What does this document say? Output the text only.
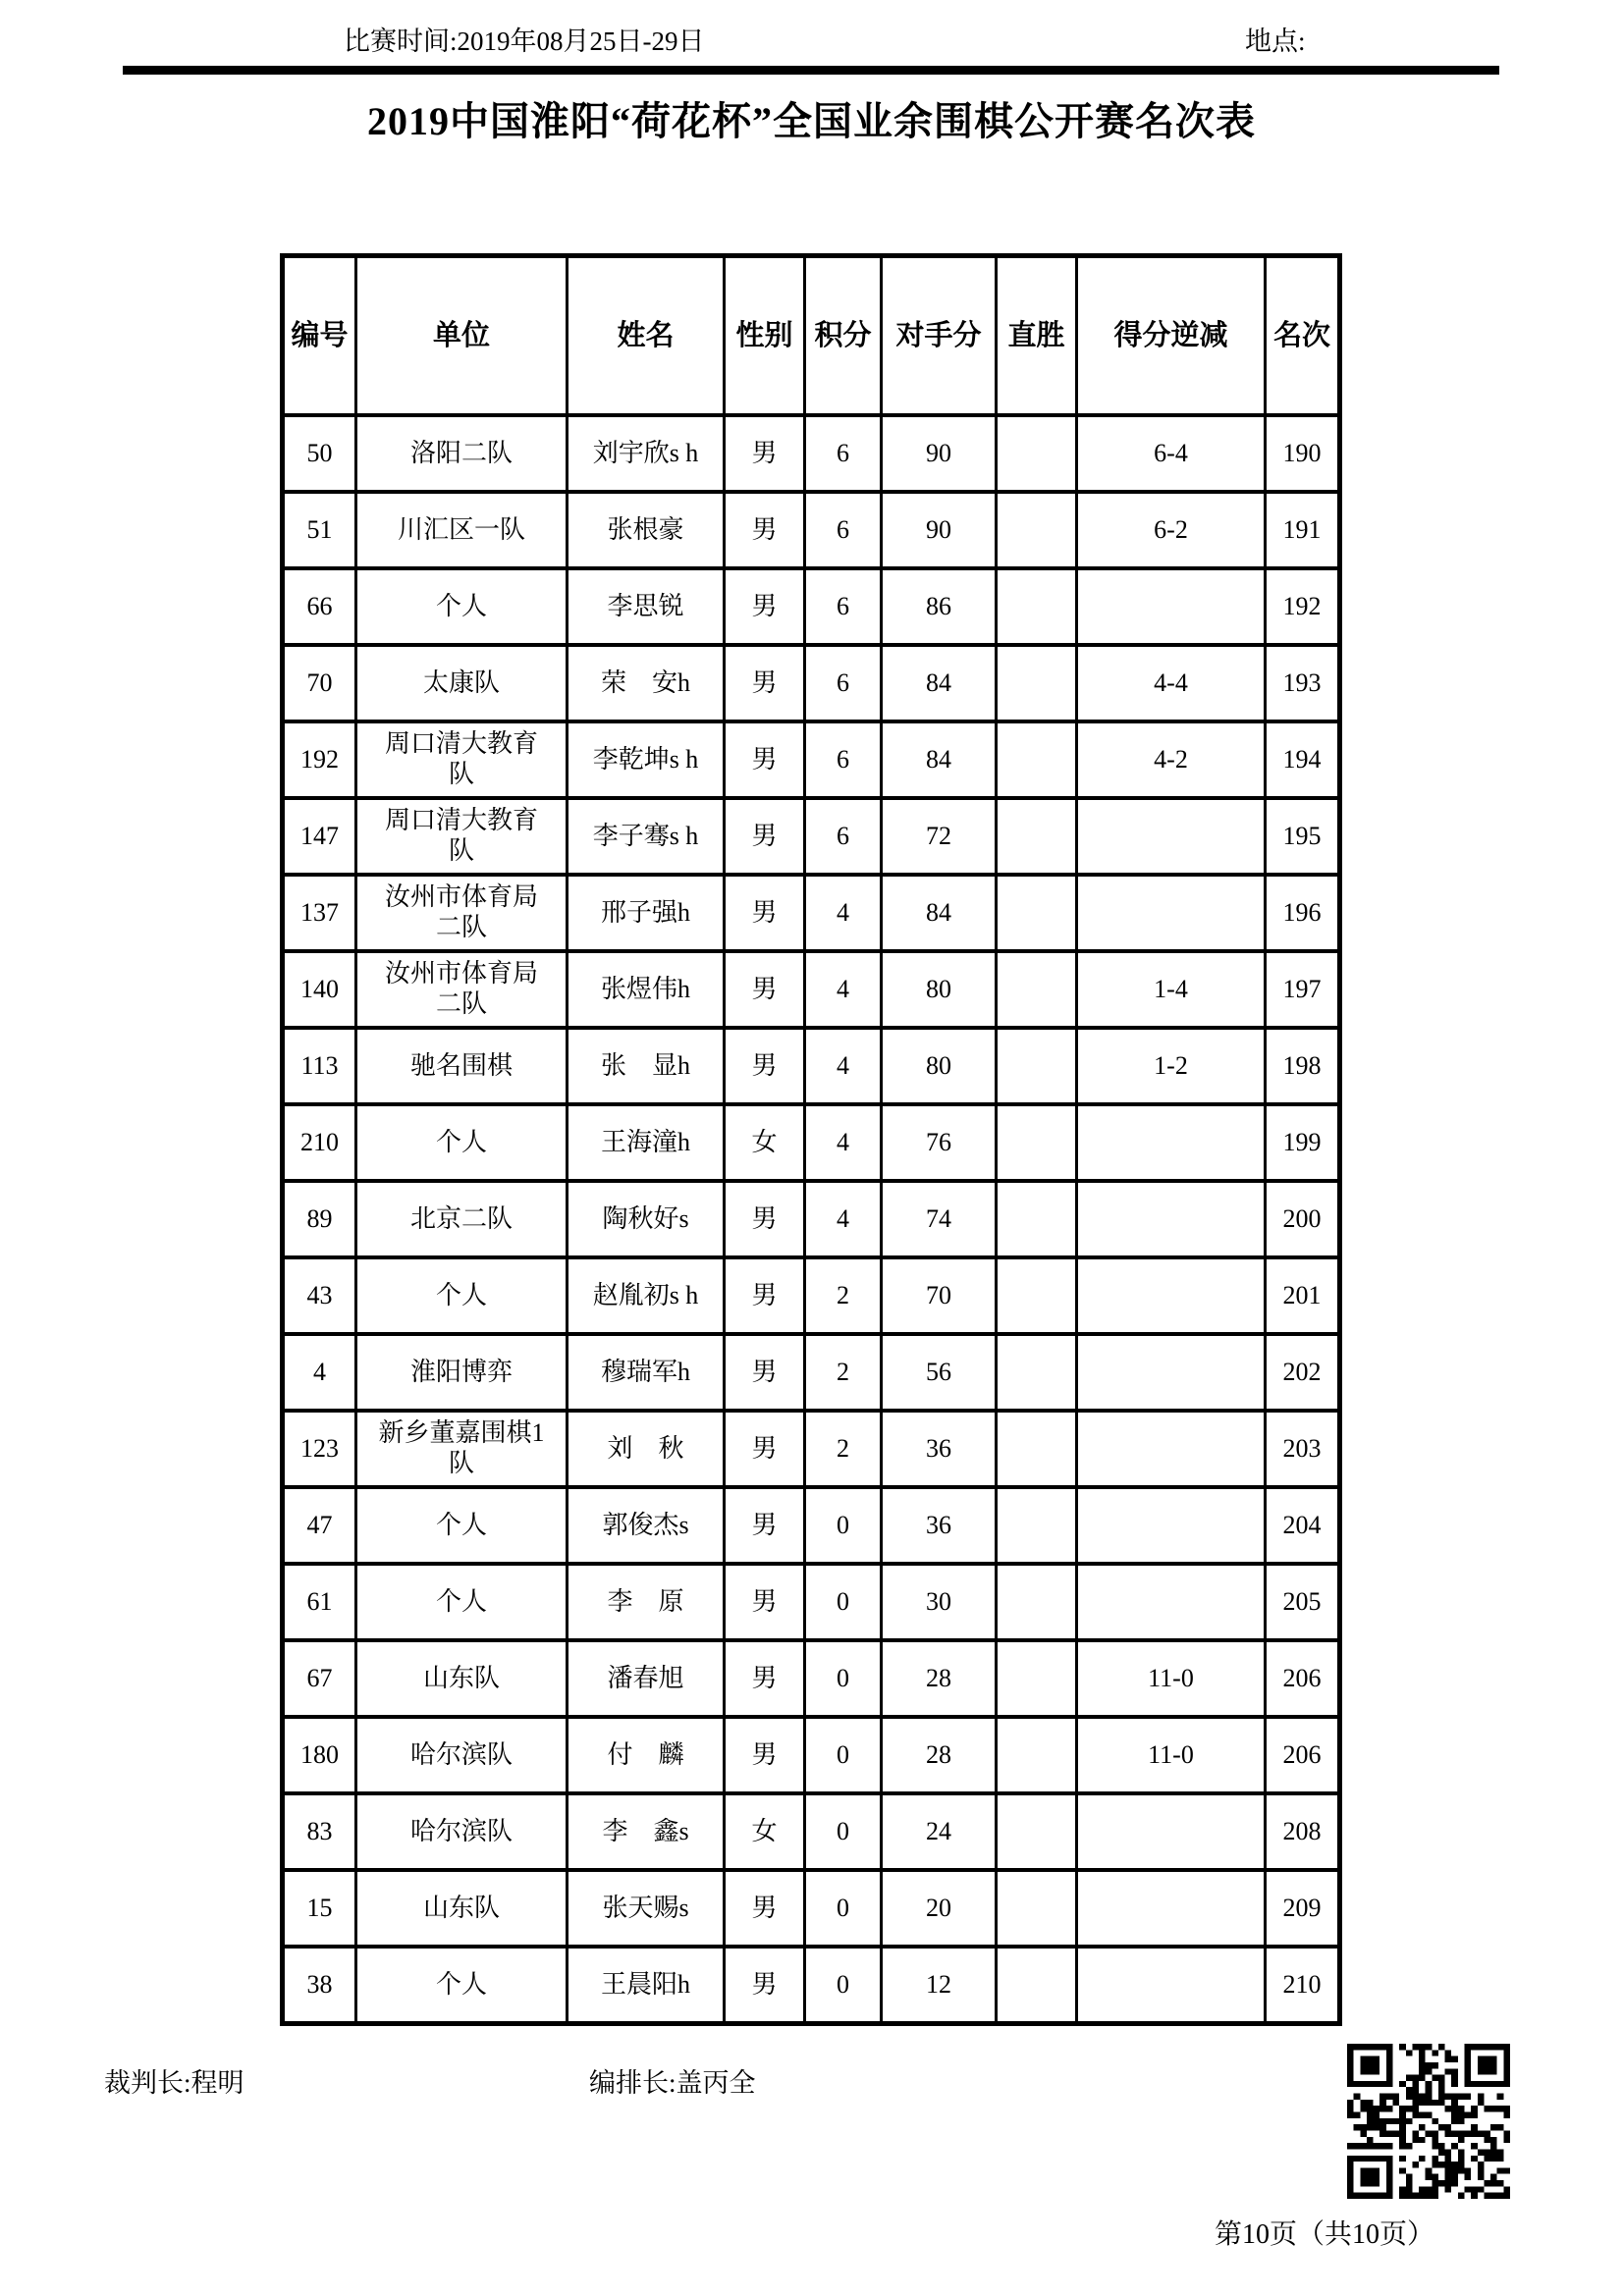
比赛时间:2019年08月25日-29日	地点:
2019中国淮阳“荷花杯”全国业余围棋公开赛名次表
编号	单位	姓名	性别	积分	对手分	直胜	得分逆减	名次
50	洛阳二队	刘宇欣s h	男	6	90		6-4	190
51	川汇区一队	张根豪	男	6	90		6-2	191
66	个人	李思锐	男	6	86			192
70	太康队	荣　安h	男	6	84		4-4	193
192	周口清大教育队	李乾坤s h	男	6	84		4-2	194
147	周口清大教育队	李子骞s h	男	6	72			195
137	汝州市体育局二队	邢子强h	男	4	84			196
140	汝州市体育局二队	张煜伟h	男	4	80		1-4	197
113	驰名围棋	张　显h	男	4	80		1-2	198
210	个人	王海潼h	女	4	76			199
89	北京二队	陶秋好s	男	4	74			200
43	个人	赵胤初s h	男	2	70			201
4	淮阳博弈	穆瑞军h	男	2	56			202
123	新乡董嘉围棋1队	刘　秋	男	2	36			203
47	个人	郭俊杰s	男	0	36			204
61	个人	李　原	男	0	30			205
67	山东队	潘春旭	男	0	28		11-0	206
180	哈尔滨队	付　麟	男	0	28		11-0	206
83	哈尔滨队	李　鑫s	女	0	24			208
15	山东队	张天赐s	男	0	20			209
38	个人	王晨阳h	男	0	12			210
裁判长:程明	编排长:盖丙全
第10页（共10页）
